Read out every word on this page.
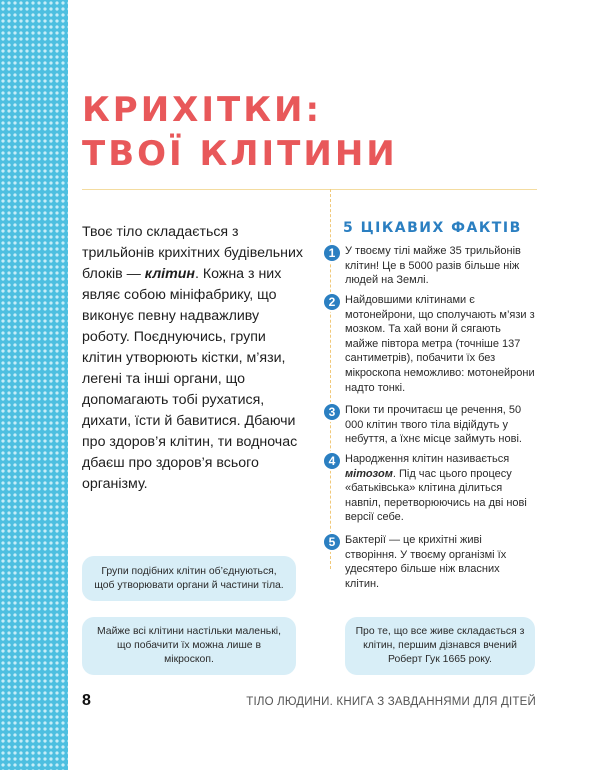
КРИХІТКИ:
ТВОЇ КЛІТИНИ

Твоє тіло складається з трильйонів крихітних будівельних блоків — клітин. Кожна з них являє собою мініфабрику, що виконує певну надважливу роботу. Поєднуючись, групи клітин утворюють кістки, м’язи, легені та інші органи, що допомагають тобі рухатися, дихати, їсти й бавитися. Дбаючи про здоров’я клітин, ти водночас дбаєш про здоров’я всього організму.

5 ЦІКАВИХ ФАКТІВ
1 У твоєму тілі майже 35 трильйонів клітин! Це в 5000 разів більше ніж людей на Землі.
2 Найдовшими клітинами є мотонейрони, що сполучають м’язи з мозком. Та хай вони й сягають майже півтора метра (точніше 137 сантиметрів), побачити їх без мікроскопа неможливо: мотонейрони надто тонкі.
3 Поки ти прочитаєш це речення, 50 000 клітин твого тіла відійдуть у небуття, а їхнє місце займуть нові.
4 Народження клітин називається мітозом. Під час цього процесу «батьківська» клітина ділиться навпіл, перетворюючись на дві нові версії себе.
5 Бактерії — це крихітні живі створіння. У твоєму організмі їх удесятеро більше ніж власних клітин.
Групи подібних клітин об’єднуються, щоб утворювати органи й частини тіла.
Майже всі клітини настільки маленькі, що побачити їх можна лише в мікроскоп.
Про те, що все живе складається з клітин, першим дізнався вчений Роберт Гук 1665 року.
8	ТІЛО ЛЮДИНИ. КНИГА З ЗАВДАННЯМИ ДЛЯ ДІТЕЙ
